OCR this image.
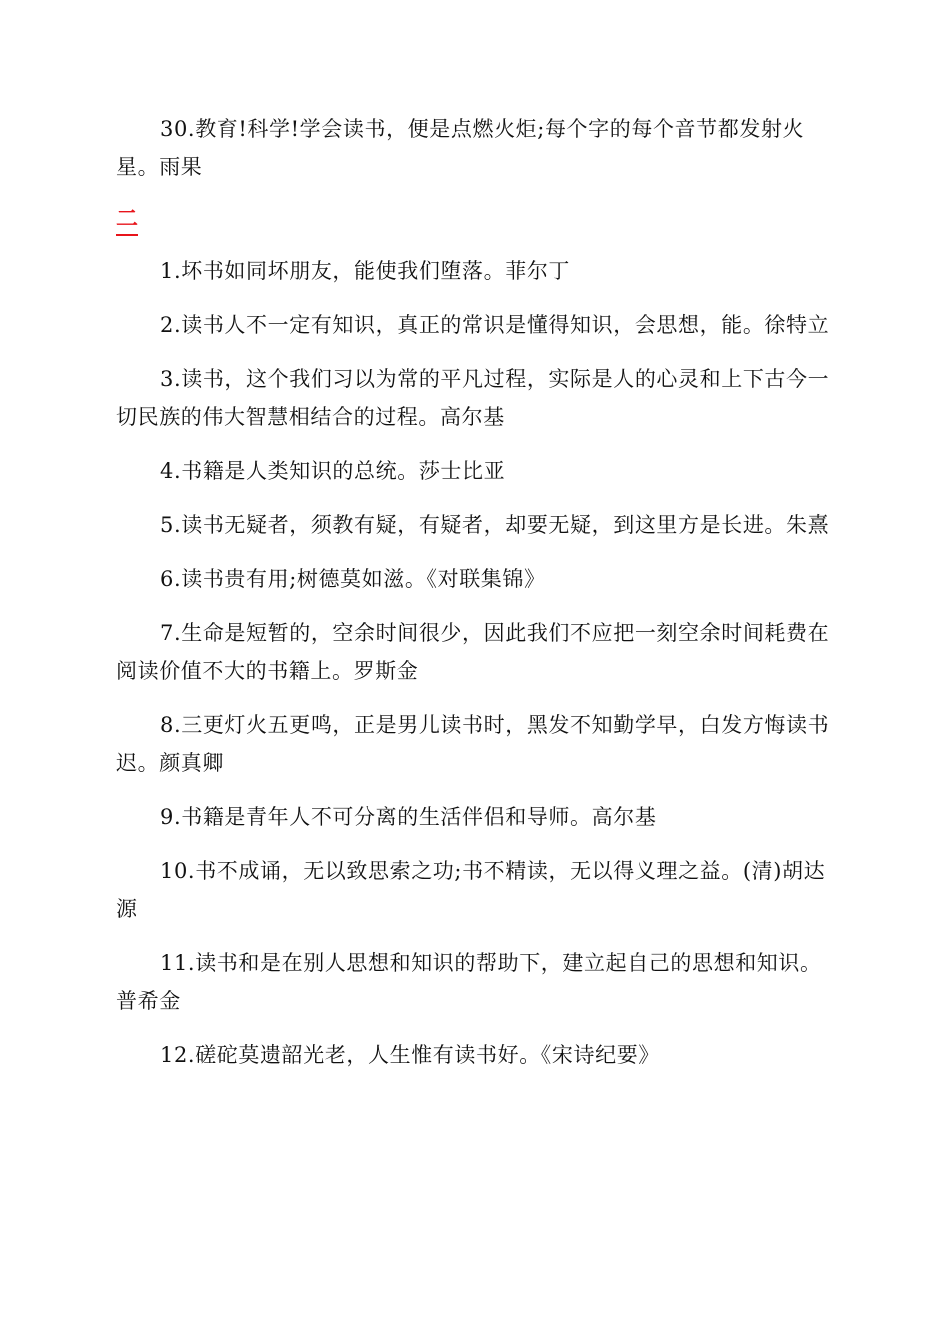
30.教育!科学!学会读书，便是点燃火炬;每个字的每个音节都发射火星。雨果

二

1.坏书如同坏朋友，能使我们堕落。菲尔丁

2.读书人不一定有知识，真正的常识是懂得知识，会思想，能。徐特立

3.读书，这个我们习以为常的平凡过程，实际是人的心灵和上下古今一切民族的伟大智慧相结合的过程。高尔基

4.书籍是人类知识的总统。莎士比亚

5.读书无疑者，须教有疑，有疑者，却要无疑，到这里方是长进。朱熹

6.读书贵有用;树德莫如滋。《对联集锦》

7.生命是短暂的，空余时间很少，因此我们不应把一刻空余时间耗费在阅读价值不大的书籍上。罗斯金

8.三更灯火五更鸣，正是男儿读书时，黑发不知勤学早，白发方悔读书迟。颜真卿

9.书籍是青年人不可分离的生活伴侣和导师。高尔基

10.书不成诵，无以致思索之功;书不精读，无以得义理之益。(清)胡达源

11.读书和是在别人思想和知识的帮助下，建立起自己的思想和知识。普希金

12.磋砣莫遗韶光老，人生惟有读书好。《宋诗纪要》
